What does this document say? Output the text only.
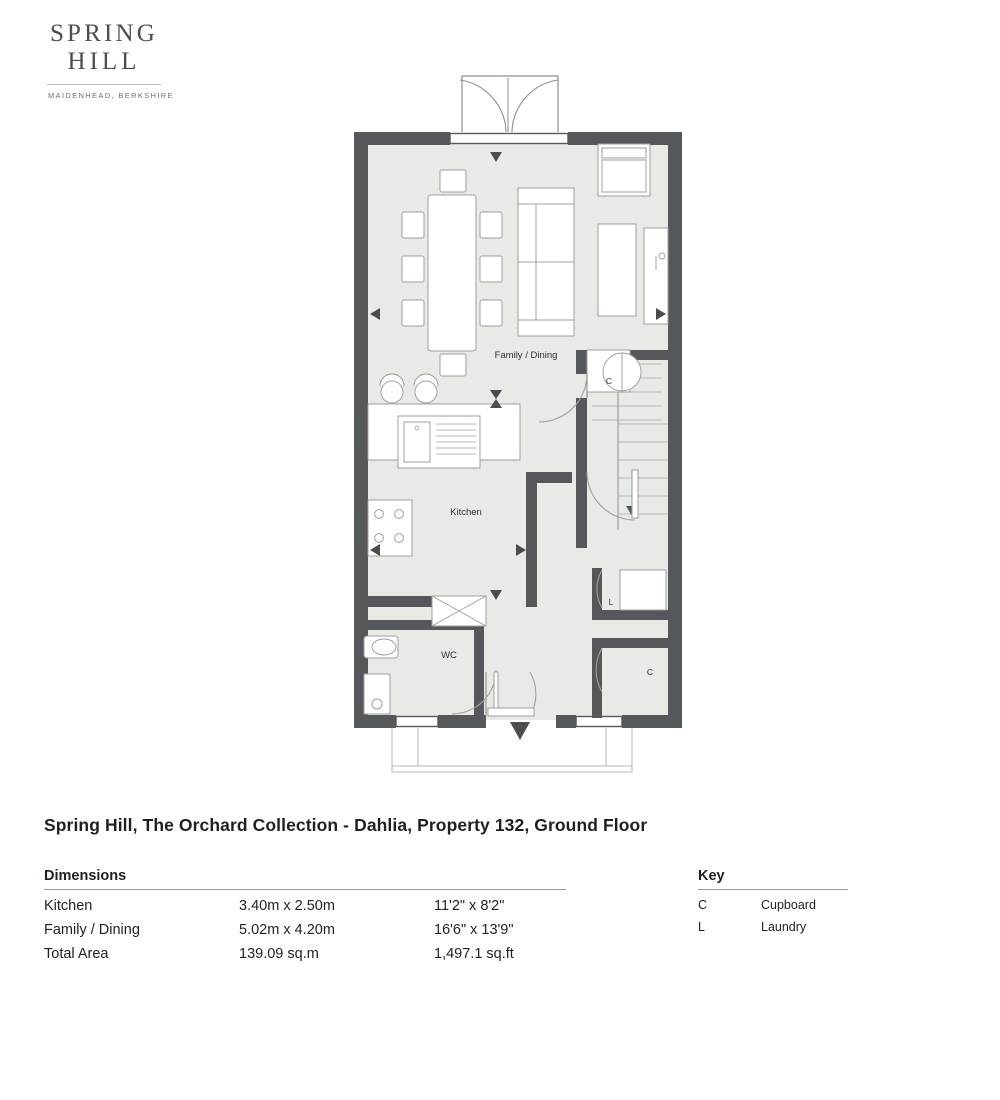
SPRING
HILL
MAIDENHEAD, BERKSHIRE
Family / Dining
Kitchen
WC
C
C
L
Spring Hill, The Orchard Collection - Dahlia, Property 132, Ground Floor
Dimensions
Kitchen	3.40m x 2.50m	11'2" x 8'2"
Family / Dining	5.02m x 4.20m	16'6" x 13'9"
Total Area	139.09 sq.m	1,497.1 sq.ft
Key
C	Cupboard
L	Laundry
